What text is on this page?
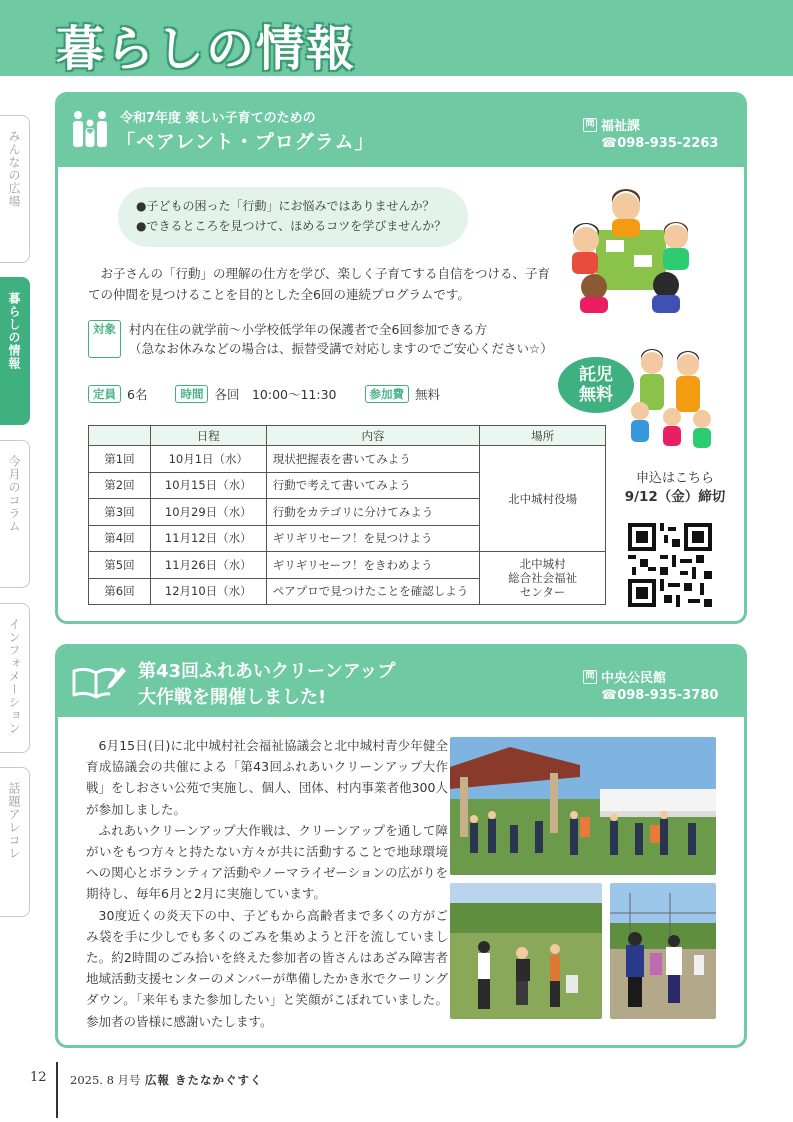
暮らしの情報
みんなの広場
暮らしの情報
今月のコラム
インフォメーション
話題アレコレ
令和7年度 楽しい子育てのための
「ペアレント・プログラム」
問 福祉課
☎098-935-2263
●子どもの困った「行動」にお悩みではありませんか？
●できるところを見つけて、ほめるコツを学びませんか？
　お子さんの「行動」の理解の仕方を学び、楽しく子育てする自信をつける、子育ての仲間を見つけることを目的とした全6回の連続プログラムです。
対象	村内在住の就学前～小学校低学年の保護者で全6回参加できる方
（急なお休みなどの場合は、振替受講で対応しますのでご安心ください☆）
託児
無料
定員 6名	時間 各回　10:00～11:30	参加費 無料
	日程	内容	場所
第1回	10月1日（水）	現状把握表を書いてみよう	北中城村役場
第2回	10月15日（水）	行動で考えて書いてみよう	
第3回	10月29日（水）	行動をカテゴリに分けてみよう	
第4回	11月12日（水）	ギリギリセーフ！を見つけよう	
第5回	11月26日（水）	ギリギリセーフ！をきわめよう	北中城村
総合社会福祉
センター

第6回	12月10日（水）	ペアプロで見つけたことを確認しよう	
申込はこちら
9/12（金）締切
第43回ふれあいクリーンアップ
大作戦を開催しました!
問 中央公民館
☎098-935-3780

6月15日(日)に北中城村社会福祉協議会と北中城村青少年健全育成協議会の共催による「第43回ふれあいクリーンアップ大作戦」をしおさい公苑で実施し、個人、団体、村内事業者他300人が参加しました。

ふれあいクリーンアップ大作戦は、クリーンアップを通して障がいをもつ方々と持たない方々が共に活動することで地球環境への関心とボランティア活動やノーマライゼーションの広がりを期待し、毎年6月と2月に実施しています。

30度近くの炎天下の中、子どもから高齢者まで多くの方がごみ袋を手に少しでも多くのごみを集めようと汗を流していました。約2時間のごみ拾いを終えた参加者の皆さんはあざみ障害者地域活動支援センターのメンバーが準備したかき氷でクーリングダウン。「来年もまた参加したい」と笑顔がこぼれていました。参加者の皆様に感謝いたします。

12 2025. 8 月号 広報 きたなかぐすく
